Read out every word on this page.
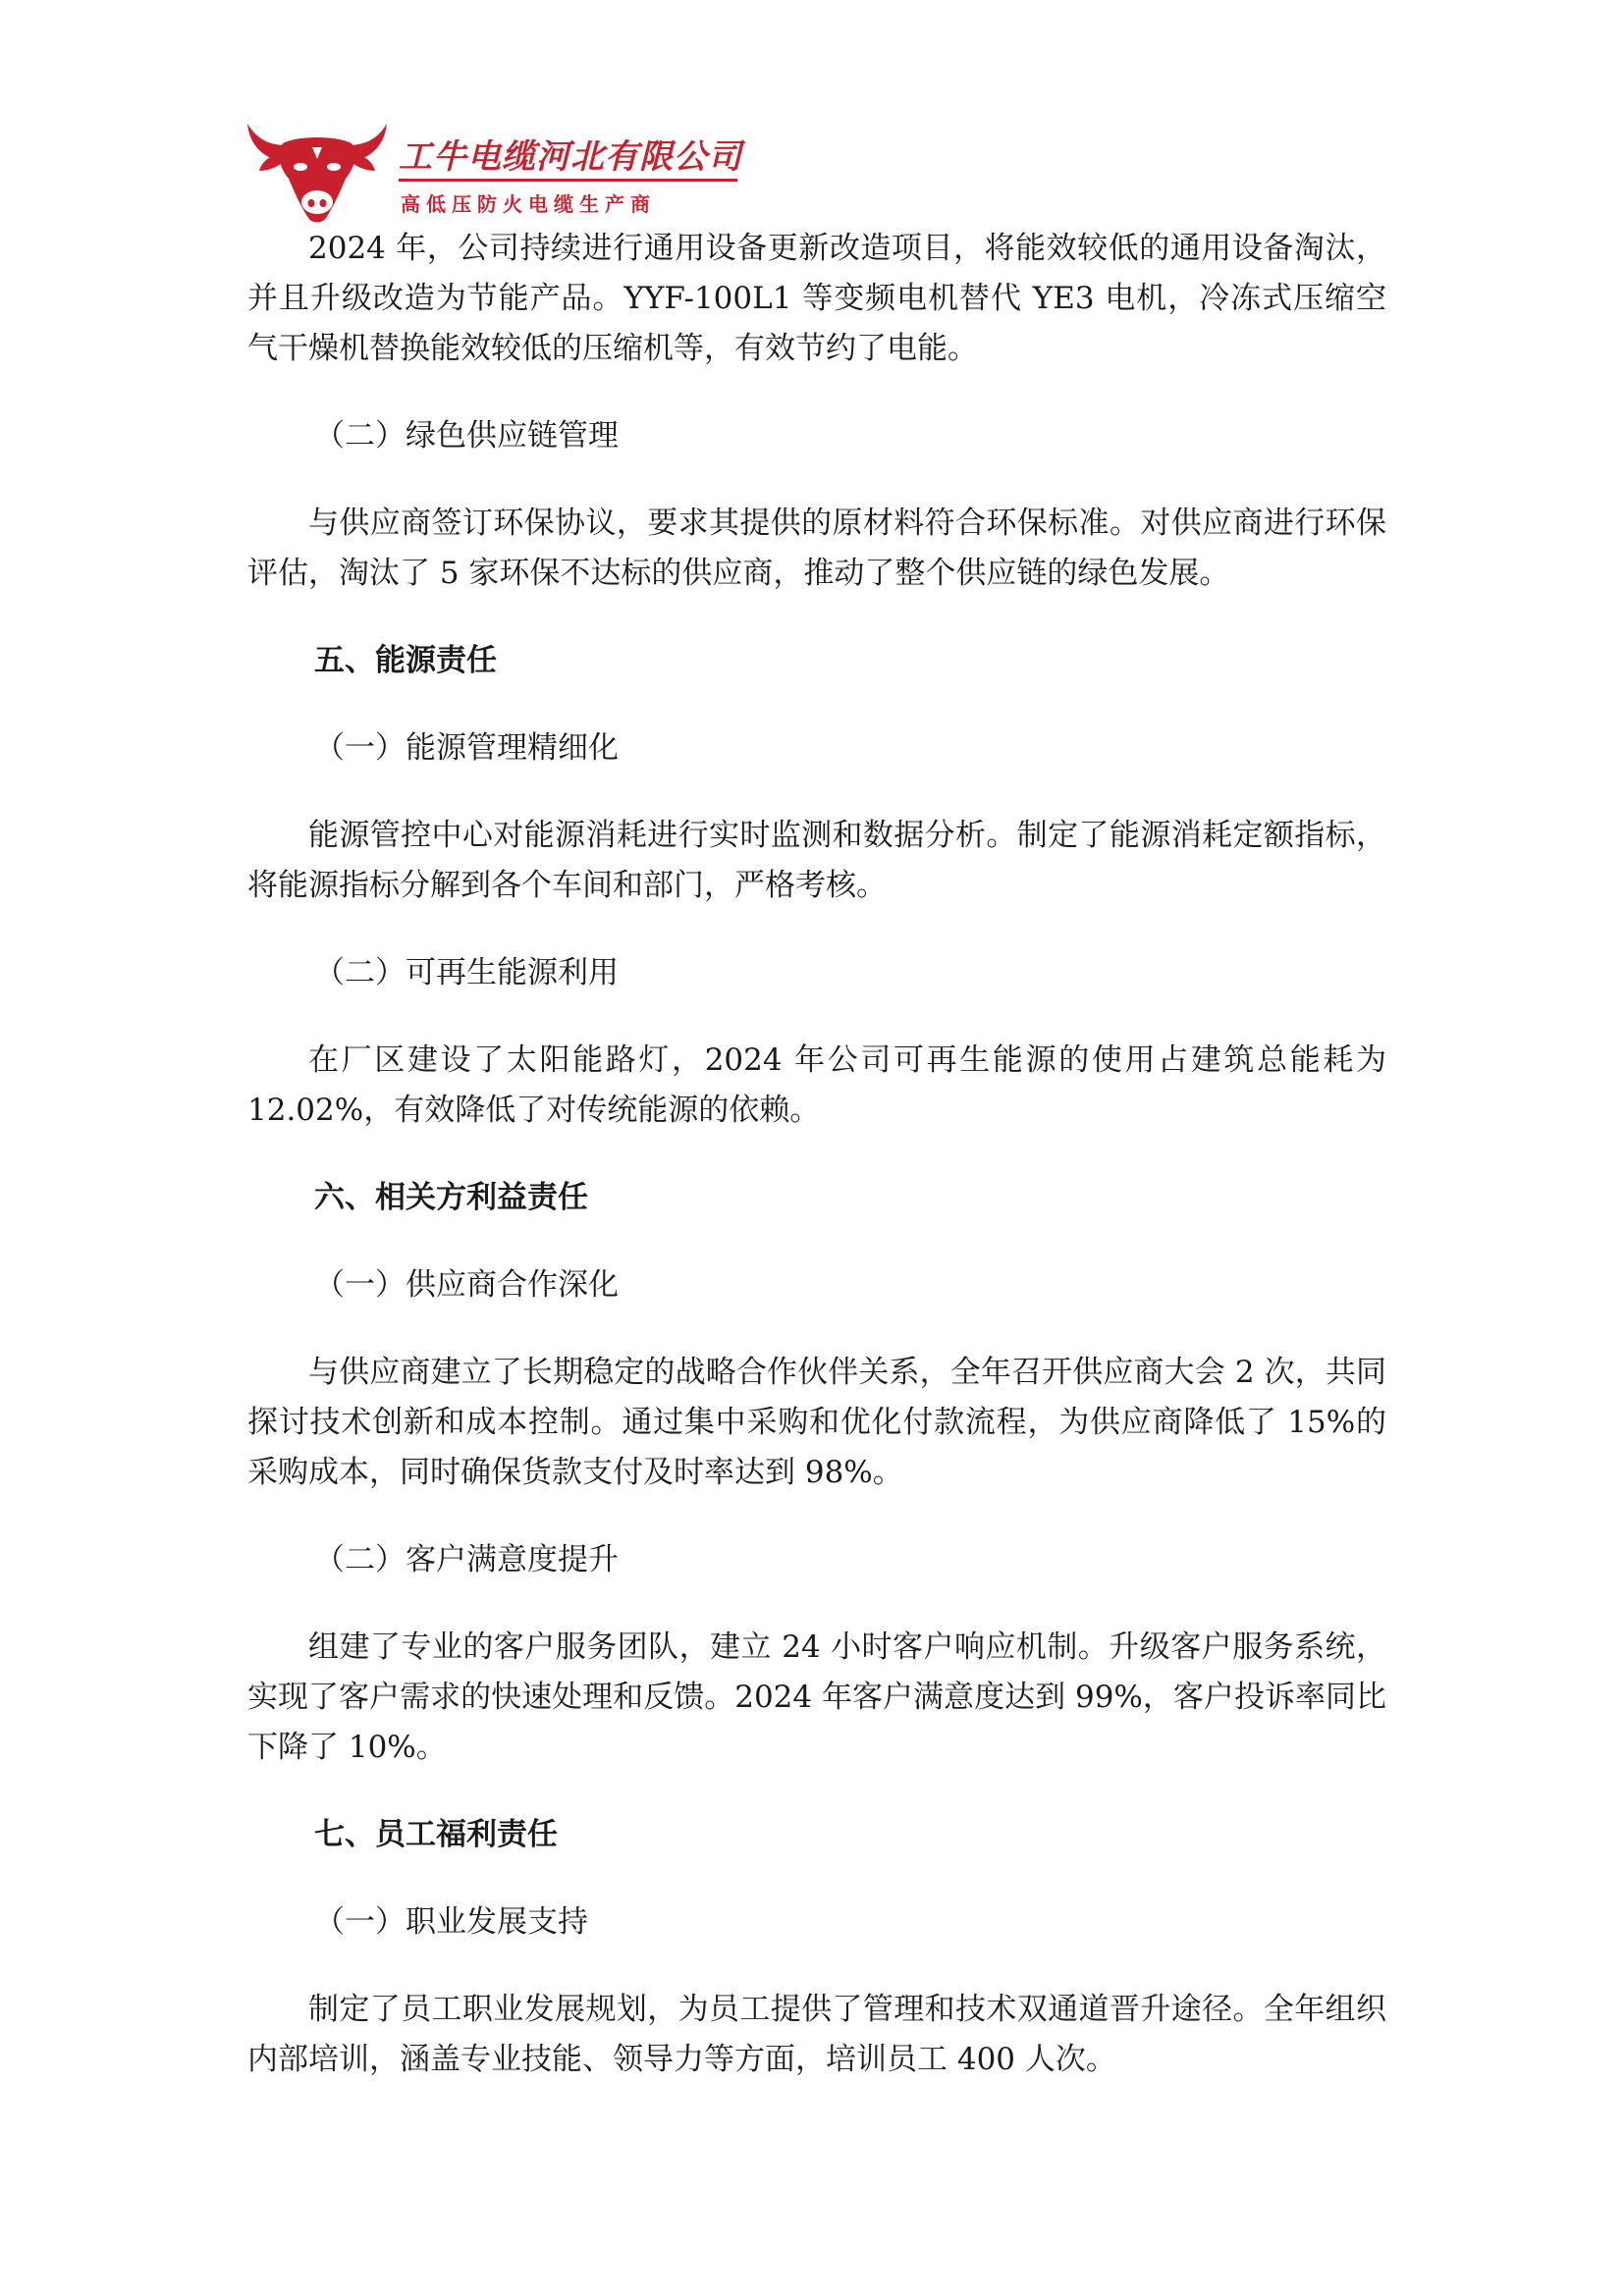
工牛电缆河北有限公司
高低压防火电缆生产商

2024 年，公司持续进行通用设备更新改造项目，将能效较低的通用设备淘汰，并且升级改造为节能产品。YYF-100L1 等变频电机替代 YE3 电机，冷冻式压缩空气干燥机替换能效较低的压缩机等，有效节约了电能。

（二）绿色供应链管理

与供应商签订环保协议，要求其提供的原材料符合环保标准。对供应商进行环保评估，淘汰了 5 家环保不达标的供应商，推动了整个供应链的绿色发展。

五、能源责任

（一）能源管理精细化

能源管控中心对能源消耗进行实时监测和数据分析。制定了能源消耗定额指标，将能源指标分解到各个车间和部门，严格考核。

（二）可再生能源利用

在厂区建设了太阳能路灯，2024 年公司可再生能源的使用占建筑总能耗为 12.02%，有效降低了对传统能源的依赖。

六、相关方利益责任

（一）供应商合作深化

与供应商建立了长期稳定的战略合作伙伴关系，全年召开供应商大会 2 次，共同探讨技术创新和成本控制。通过集中采购和优化付款流程，为供应商降低了 15%的采购成本，同时确保货款支付及时率达到 98%。

（二）客户满意度提升

组建了专业的客户服务团队，建立 24 小时客户响应机制。升级客户服务系统，实现了客户需求的快速处理和反馈。2024 年客户满意度达到 99%，客户投诉率同比下降了 10%。

七、员工福利责任

（一）职业发展支持

制定了员工职业发展规划，为员工提供了管理和技术双通道晋升途径。全年组织内部培训，涵盖专业技能、领导力等方面，培训员工 400 人次。
